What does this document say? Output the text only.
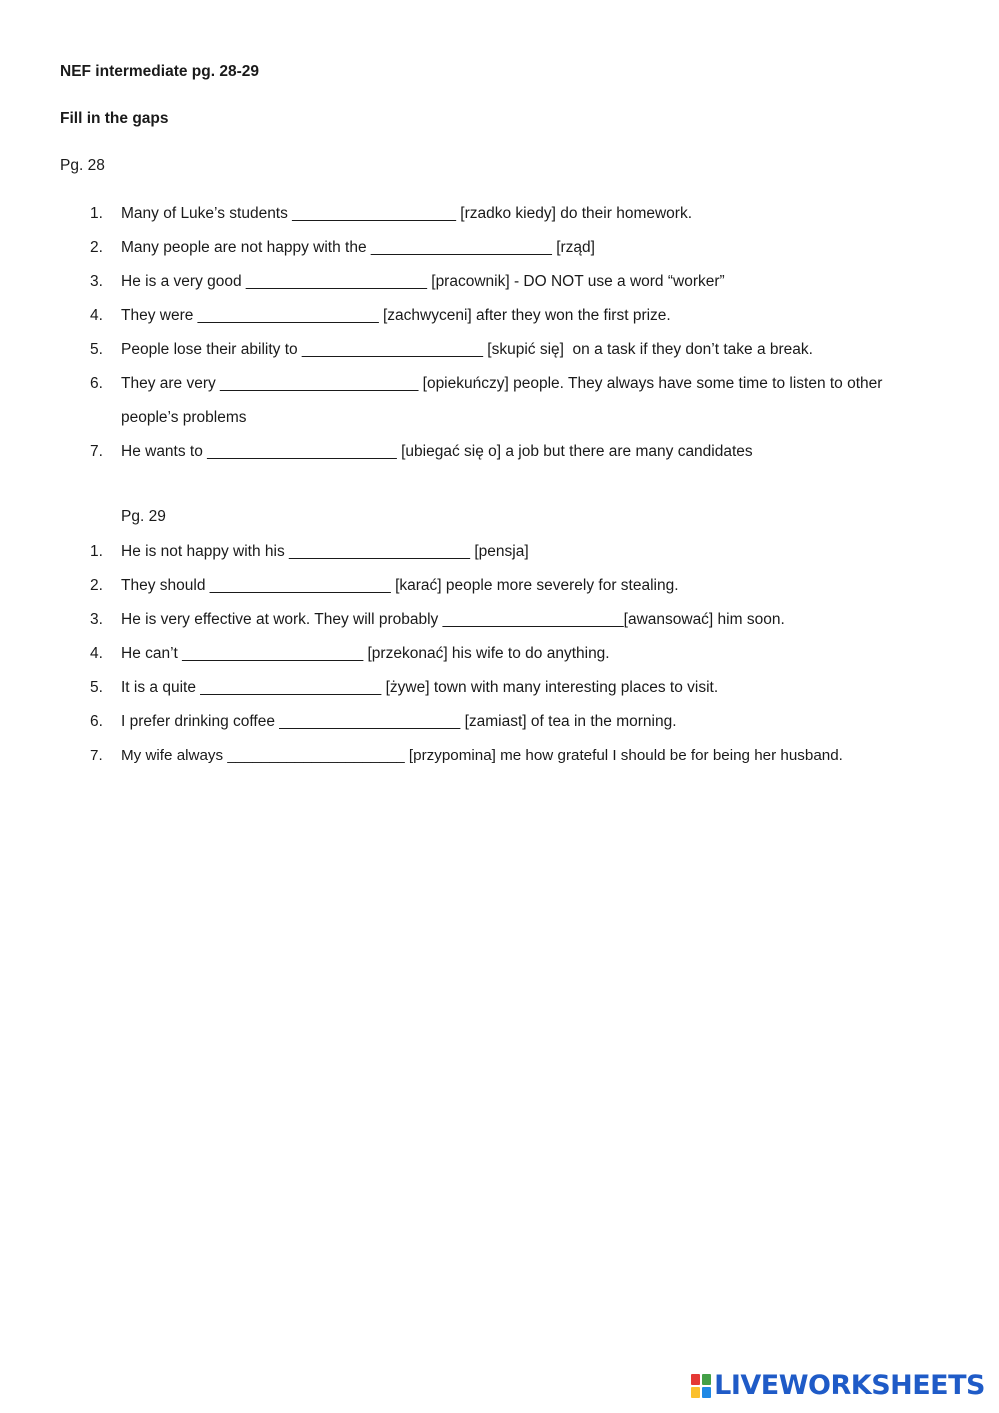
NEF intermediate pg. 28-29
Fill in the gaps
Pg. 28
1. Many of Luke’s students ___________________ [rzadko kiedy] do their homework.
2. Many people are not happy with the _____________________ [rząd]
3. He is a very good _____________________ [pracownik] - DO NOT use a word “worker”
4. They were _____________________ [zachwyceni] after they won the first prize.
5. People lose their ability to _____________________ [skupić się]  on a task if they don’t take a break.
6. They are very _______________________ [opiekuńczy] people. They always have some time to listen to other people’s problems
7. He wants to ______________________ [ubiegać się o] a job but there are many candidates
Pg. 29
1. He is not happy with his _____________________ [pensja]
2. They should _____________________ [karać] people more severely for stealing.
3. He is very effective at work. They will probably _____________________[awansować] him soon.
4. He can’t _____________________ [przekonać] his wife to do anything.
5. It is a quite _____________________ [żywe] town with many interesting places to visit.
6. I prefer drinking coffee _____________________ [zamiast] of tea in the morning.
7. My wife always _____________________ [przypomina] me how grateful I should be for being her husband.
LIVEWORKSHEETS
